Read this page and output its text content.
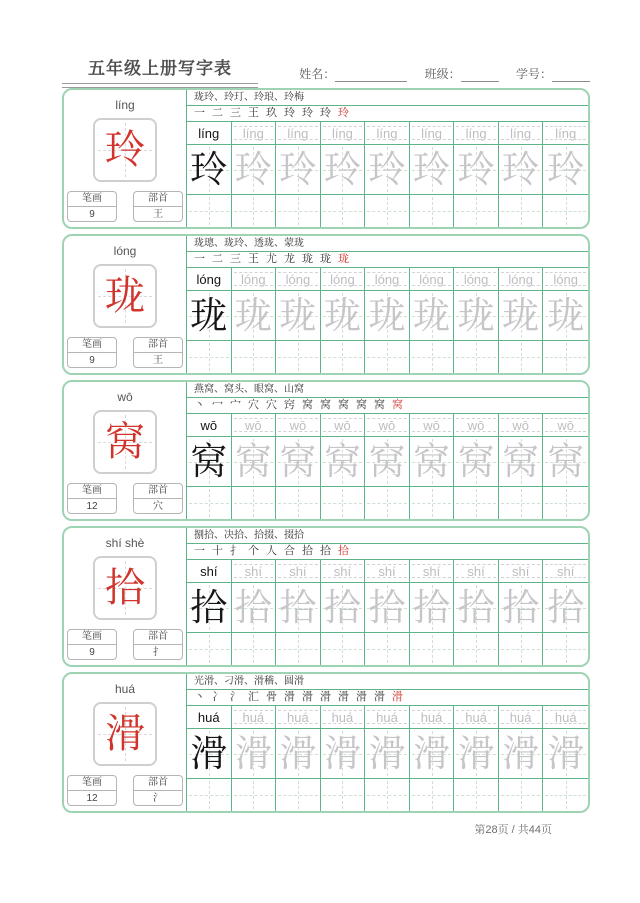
五年级上册写字表	姓名：	班级：	学号：
líng
玲
笔画
9
部首
王
珑玲、玲玎、玲琅、玲梅
一 二 三 王 玖 玲 玲 玲 玲
líng	líng	líng	líng	líng	líng	líng	líng	líng
玲 玲 玲 玲 玲 玲 玲 玲 玲
lóng
珑
笔画
9
部首
王
珑璁、珑玲、透珑、蒙珑
一 二 三 王 尤 龙 珑 珑 珑
lóng	lóng	lóng	lóng	lóng	lóng	lóng	lóng	lóng
珑 珑 珑 珑 珑 珑 珑 珑 珑
wō
窝
笔画
12
部首
穴
燕窝、窝头、眼窝、山窝
丶 冖 宀 穴 穴 窍 窝 窝 窝 窝 窝 窝
wō	wō	wō	wō	wō	wō	wō	wō	wō
窝 窝 窝 窝 窝 窝 窝 窝 窝
shí shè
拾
笔画
9
部首
扌
捌拾、决拾、拾掇、掇拾
一 十 扌 个 人 合 拾 拾 拾
shí	shí	shí	shí	shí	shí	shí	shí	shí
拾 拾 拾 拾 拾 拾 拾 拾 拾
huá
滑
笔画
12
部首
氵
光滑、刁滑、滑稽、圆滑
丶 冫 氵 汇 骨 滑 滑 滑 滑 滑 滑 滑
huá	huá	huá	huá	huá	huá	huá	huá	huá
滑 滑 滑 滑 滑 滑 滑 滑 滑
第28页 / 共44页
